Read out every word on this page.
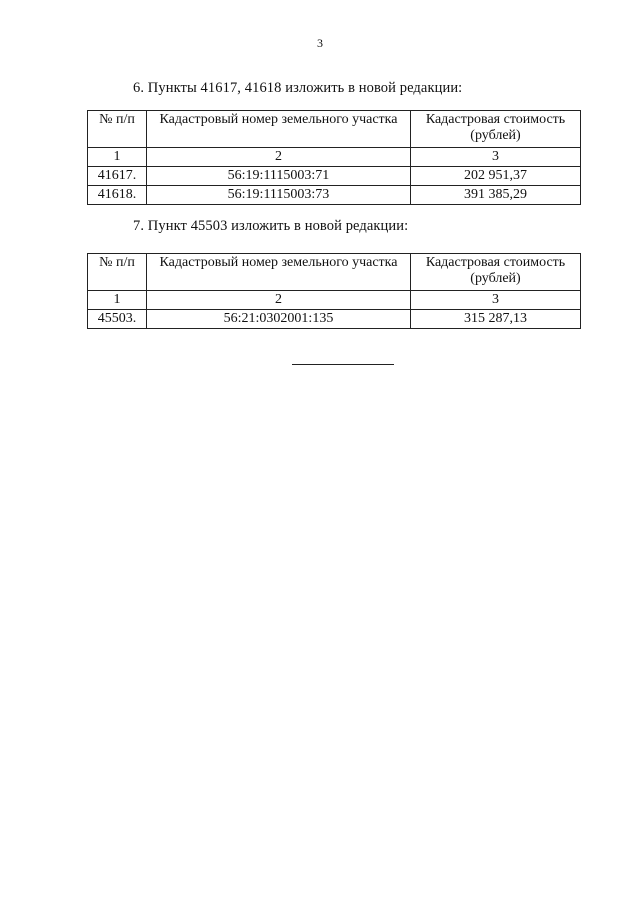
3
6. Пункты 41617, 41618 изложить в новой редакции:
№ п/п	Кадастровый номер земельного участка	Кадастровая стоимость (рублей)
1	2	3
41617.	56:19:1115003:71	202 951,37
41618.	56:19:1115003:73	391 385,29
7. Пункт 45503 изложить в новой редакции:
№ п/п	Кадастровый номер земельного участка	Кадастровая стоимость (рублей)
1	2	3
45503.	56:21:0302001:135	315 287,13
